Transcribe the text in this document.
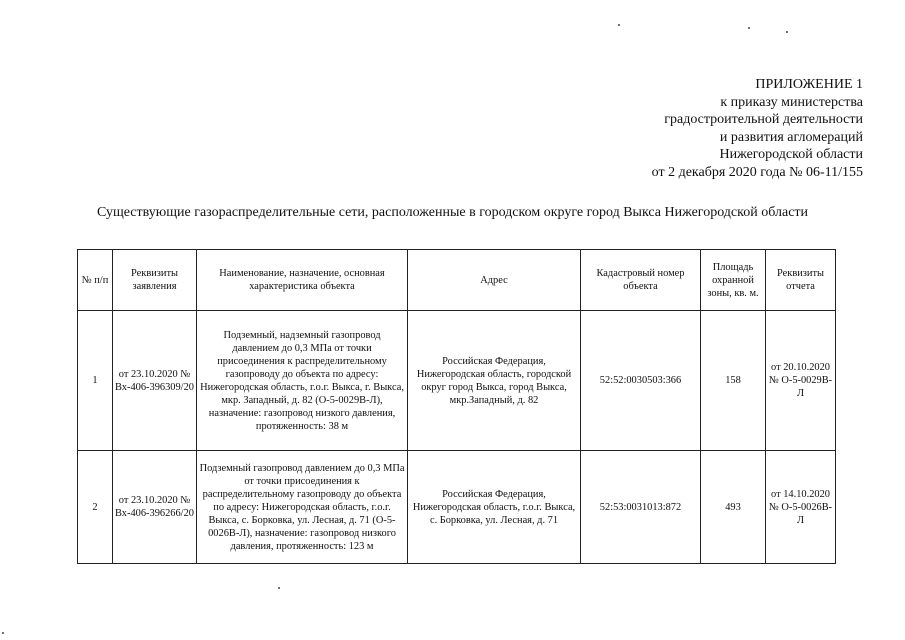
ПРИЛОЖЕНИЕ 1
к приказу министерства
градостроительной деятельности
и развития агломераций
Нижегородской области
от 2 декабря 2020 года № 06-11/155
Существующие газораспределительные сети, расположенные в городском округе город Выкса Нижегородской области
№ п/п	Реквизиты заявления	Наименование, назначение, основная характеристика объекта	Адрес	Кадастровый номер объекта	Площадь охранной зоны, кв. м.	Реквизиты отчета
1	от 23.10.2020 № Вх-406-396309/20	Подземный, надземный газопровод давлением до 0,3 МПа от точки присоединения к распределительному газопроводу до объекта по адресу: Нижегородская область, г.о.г. Выкса, г. Выкса, мкр. Западный, д. 82 (О-5-0029В-Л), назначение: газопровод низкого давления, протяженность: 38 м	Российская Федерация, Нижегородская область, городской округ город Выкса, город Выкса, мкр.Западный, д. 82	52:52:0030503:366	158	от 20.10.2020 № О-5-0029В-Л
2	от 23.10.2020 № Вх-406-396266/20	Подземный газопровод давлением до 0,3 МПа от точки присоединения к распределительному газопроводу до объекта по адресу: Нижегородская область, г.о.г. Выкса, с. Борковка, ул. Лесная, д. 71 (О-5-0026В-Л), назначение: газопровод низкого давления, протяженность: 123 м	Российская Федерация, Нижегородская область, г.о.г. Выкса, с. Борковка, ул. Лесная, д. 71	52:53:0031013:872	493	от 14.10.2020 № О-5-0026В-Л
